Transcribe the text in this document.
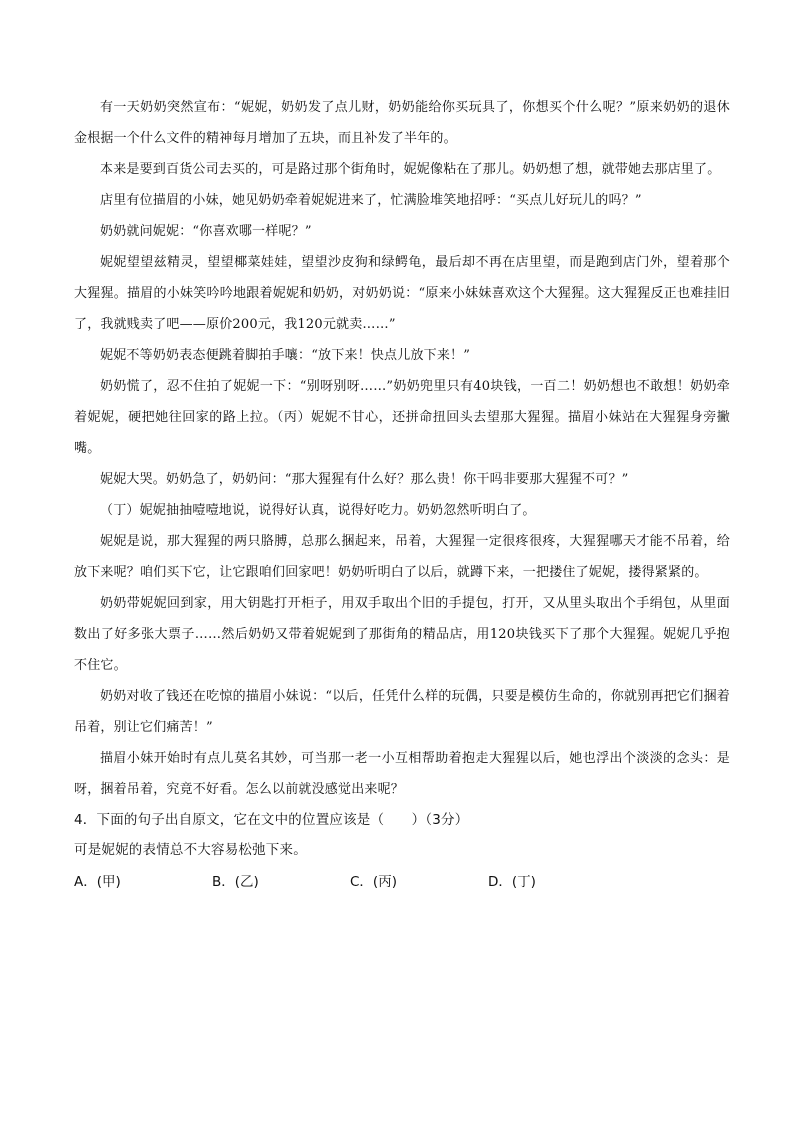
有一天奶奶突然宣布：“妮妮，奶奶发了点儿财，奶奶能给你买玩具了，你想买个什么呢？”原来奶奶的退休金根据一个什么文件的精神每月增加了五块，而且补发了半年的。

本来是要到百货公司去买的，可是路过那个街角时，妮妮像粘在了那儿。奶奶想了想，就带她去那店里了。

店里有位描眉的小妹，她见奶奶牵着妮妮进来了，忙满脸堆笑地招呼：“买点儿好玩儿的吗？”

奶奶就问妮妮：“你喜欢哪一样呢？”

妮妮望望兹精灵，望望椰菜娃娃，望望沙皮狗和绿鳄龟，最后却不再在店里望，而是跑到店门外，望着那个大猩猩。描眉的小妹笑吟吟地跟着妮妮和奶奶，对奶奶说：“原来小妹妹喜欢这个大猩猩。这大猩猩反正也难挂旧了，我就贱卖了吧——原价200元，我120元就卖……”

妮妮不等奶奶表态便跳着脚拍手嚷：“放下来！快点儿放下来！”

奶奶慌了，忍不住拍了妮妮一下：“别呀别呀……”奶奶兜里只有40块钱，一百二！奶奶想也不敢想！奶奶牵着妮妮，硬把她往回家的路上拉。（丙）妮妮不甘心，还拼命扭回头去望那大猩猩。描眉小妹站在大猩猩身旁撇嘴。

妮妮大哭。奶奶急了，奶奶问：“那大猩猩有什么好？那么贵！你干吗非要那大猩猩不可？”

（丁）妮妮抽抽噎噎地说，说得好认真，说得好吃力。奶奶忽然听明白了。

妮妮是说，那大猩猩的两只胳膊，总那么捆起来，吊着，大猩猩一定很疼很疼，大猩猩哪天才能不吊着，给放下来呢？咱们买下它，让它跟咱们回家吧！奶奶听明白了以后，就蹲下来，一把搂住了妮妮，搂得紧紧的。

奶奶带妮妮回到家，用大钥匙打开柜子，用双手取出个旧的手提包，打开，又从里头取出个手绢包，从里面数出了好多张大票子……然后奶奶又带着妮妮到了那街角的精品店，用120块钱买下了那个大猩猩。妮妮几乎抱不住它。

奶奶对收了钱还在吃惊的描眉小妹说：“以后，任凭什么样的玩偶，只要是模仿生命的，你就别再把它们捆着吊着，别让它们痛苦！”

描眉小妹开始时有点儿莫名其妙，可当那一老一小互相帮助着抱走大猩猩以后，她也浮出个淡淡的念头：是呀，捆着吊着，究竟不好看。怎么以前就没感觉出来呢？

4．下面的句子出自原文，它在文中的位置应该是（　　）（3分）

可是妮妮的表情总不大容易松弛下来。

A．(甲)	B．(乙)	C．(丙)	D．(丁)
